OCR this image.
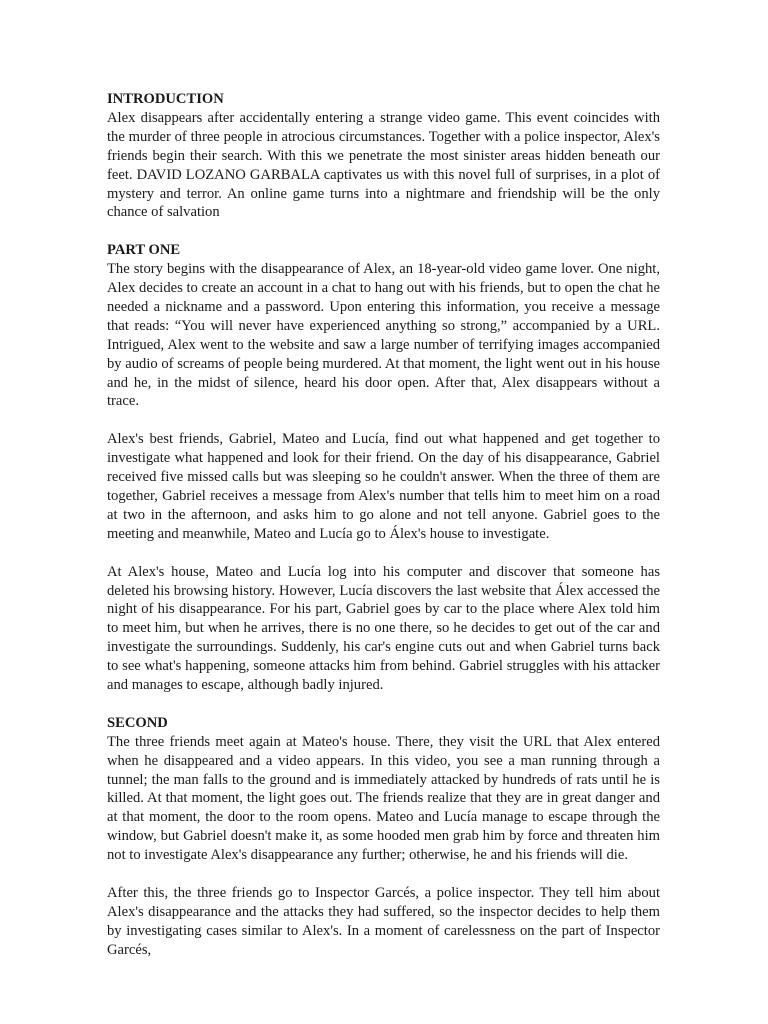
INTRODUCTION

Alex disappears after accidentally entering a strange video game. This event coincides with the murder of three people in atrocious circumstances. Together with a police inspector, Alex's friends begin their search. With this we penetrate the most sinister areas hidden beneath our feet. DAVID LOZANO GARBALA captivates us with this novel full of surprises, in a plot of mystery and terror. An online game turns into a nightmare and friendship will be the only chance of salvation

PART ONE

The story begins with the disappearance of Alex, an 18-year-old video game lover. One night, Alex decides to create an account in a chat to hang out with his friends, but to open the chat he needed a nickname and a password. Upon entering this information, you receive a message that reads: “You will never have experienced anything so strong,” accompanied by a URL. Intrigued, Alex went to the website and saw a large number of terrifying images accompanied by audio of screams of people being murdered. At that moment, the light went out in his house and he, in the midst of silence, heard his door open. After that, Alex disappears without a trace.

Alex's best friends, Gabriel, Mateo and Lucía, find out what happened and get together to investigate what happened and look for their friend. On the day of his disappearance, Gabriel received five missed calls but was sleeping so he couldn't answer. When the three of them are together, Gabriel receives a message from Alex's number that tells him to meet him on a road at two in the afternoon, and asks him to go alone and not tell anyone. Gabriel goes to the meeting and meanwhile, Mateo and Lucía go to Álex's house to investigate.

At Alex's house, Mateo and Lucía log into his computer and discover that someone has deleted his browsing history. However, Lucía discovers the last website that Álex accessed the night of his disappearance. For his part, Gabriel goes by car to the place where Alex told him to meet him, but when he arrives, there is no one there, so he decides to get out of the car and investigate the surroundings. Suddenly, his car's engine cuts out and when Gabriel turns back to see what's happening, someone attacks him from behind. Gabriel struggles with his attacker and manages to escape, although badly injured.

SECOND

The three friends meet again at Mateo's house. There, they visit the URL that Alex entered when he disappeared and a video appears. In this video, you see a man running through a tunnel; the man falls to the ground and is immediately attacked by hundreds of rats until he is killed. At that moment, the light goes out. The friends realize that they are in great danger and at that moment, the door to the room opens. Mateo and Lucía manage to escape through the window, but Gabriel doesn't make it, as some hooded men grab him by force and threaten him not to investigate Alex's disappearance any further; otherwise, he and his friends will die.

After this, the three friends go to Inspector Garcés, a police inspector. They tell him about Alex's disappearance and the attacks they had suffered, so the inspector decides to help them by investigating cases similar to Alex's. In a moment of carelessness on the part of Inspector Garcés,
